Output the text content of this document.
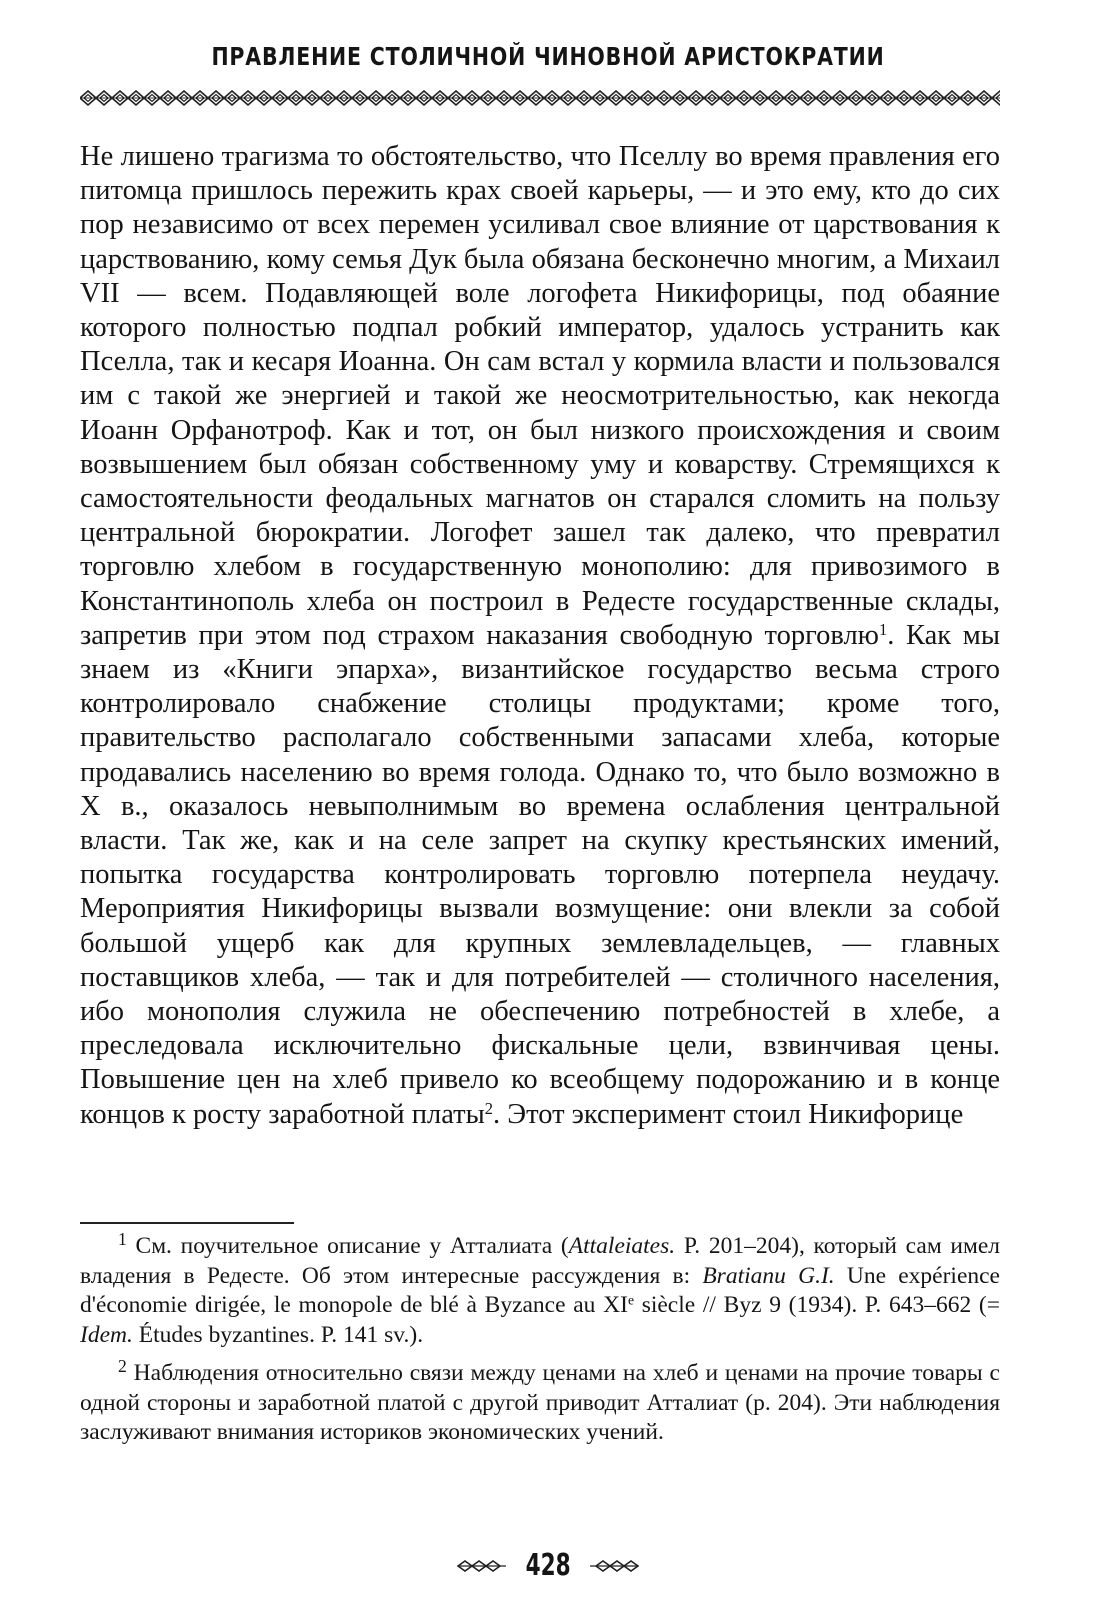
ПРАВЛЕНИЕ СТОЛИЧНОЙ ЧИНОВНОЙ АРИСТОКРАТИИ

Не лишено трагизма то обстоятельство, что Пселлу во время правления его питомца пришлось пережить крах своей карьеры, — и это ему, кто до сих пор независимо от всех перемен усиливал свое влияние от царствования к царствованию, кому семья Дук была обязана бесконечно многим, а Михаил VII — всем. Подавляющей воле логофета Никифорицы, под обаяние которого полностью подпал робкий император, удалось устранить как Пселла, так и кесаря Иоанна. Он сам встал у кормила власти и пользовался им с такой же энергией и такой же неосмотрительностью, как некогда Иоанн Орфанотроф. Как и тот, он был низкого происхождения и своим возвышением был обязан собственному уму и коварству. Стремящихся к самостоятельности феодальных магнатов он старался сломить на пользу центральной бюрократии. Логофет зашел так далеко, что превратил торговлю хлебом в государственную монополию: для привозимого в Константинополь хлеба он построил в Редесте государственные склады, запретив при этом под страхом наказания свободную торговлю$^1$. Как мы знаем из «Книги эпарха», византийское государство весьма строго контролировало снабжение столицы продуктами; кроме того, правительство располагало собственными запасами хлеба, которые продавались населению во время голода. Однако то, что было возможно в X в., оказалось невыполнимым во времена ослабления центральной власти. Так же, как и на селе запрет на скупку крестьянских имений, попытка государства контролировать торговлю потерпела неудачу. Мероприятия Никифорицы вызвали возмущение: они влекли за собой большой ущерб как для крупных землевладельцев, — главных поставщиков хлеба, — так и для потребителей — столичного населения, ибо монополия служила не обеспечению потребностей в хлебе, а преследовала исключительно фискальные цели, взвинчивая цены. Повышение цен на хлеб привело ко всеобщему подорожанию и в конце концов к росту заработной платы$^2$. Этот эксперимент стоил Никифорице

$^1$ См. поучительное описание у Атталиата (Attaleiates. P. 201–204), который сам имел владения в Редесте. Об этом интересные рассуждения в: Bratianu G.I. Une expérience d'économie dirigée, le monopole de blé à Byzance au XIe siècle // Byz 9 (1934). P. 643–662 (= Idem. Études byzantines. P. 141 sv.).

$^2$ Наблюдения относительно связи между ценами на хлеб и ценами на прочие товары с одной стороны и заработной платой с другой приводит Атталиат (p. 204). Эти наблюдения заслуживают внимания историков экономических учений.

428
